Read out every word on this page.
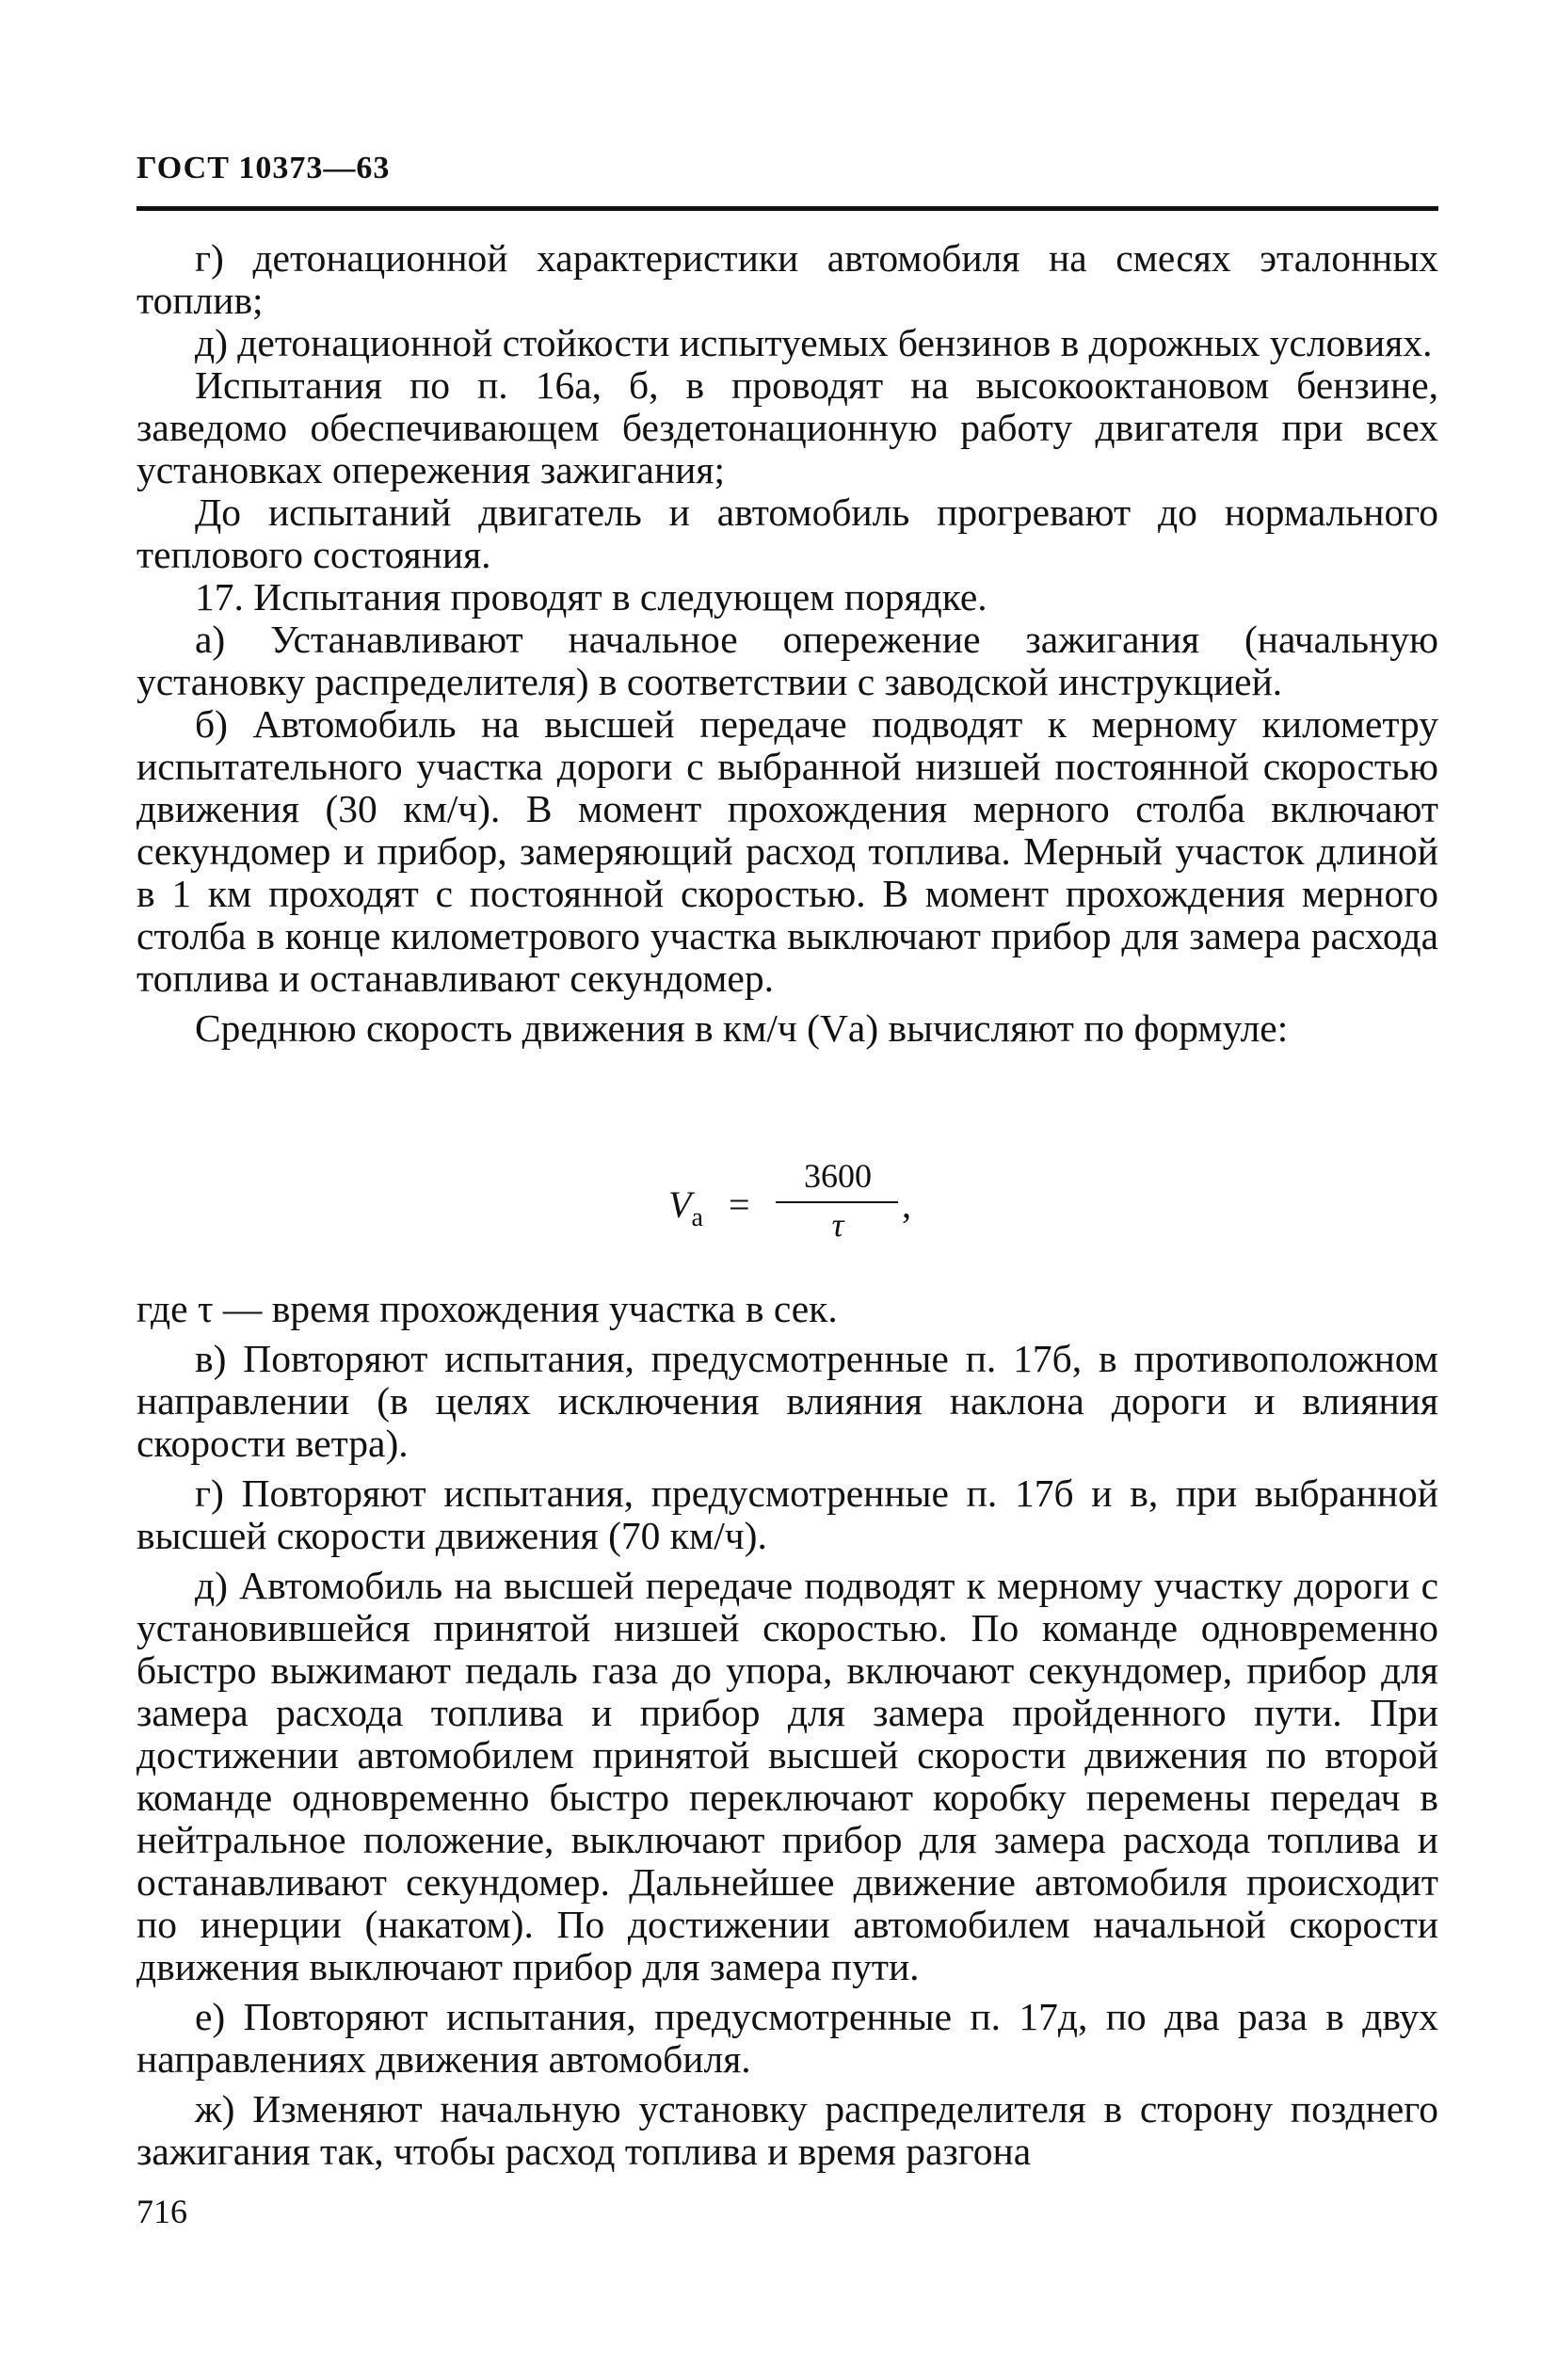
ГОСТ 10373—63

г) детонационной характеристики автомобиля на смесях эталонных топлив;

д) детонационной стойкости испытуемых бензинов в дорожных условиях.

Испытания по п. 16а, б, в проводят на высокооктановом бензине, заведомо обеспечивающем бездетонационную работу двигателя при всех установках опережения зажигания;

До испытаний двигатель и автомобиль прогревают до нормального теплового состояния.

17. Испытания проводят в следующем порядке.

а) Устанавливают начальное опережение зажигания (начальную установку распределителя) в соответствии с заводской инструкцией.

б) Автомобиль на высшей передаче подводят к мерному километру испытательного участка дороги с выбранной низшей постоянной скоростью движения (30 км/ч). В момент прохождения мерного столба включают секундомер и прибор, замеряющий расход топлива. Мерный участок длиной в 1 км проходят с постоянной скоростью. В момент прохождения мерного столба в конце километрового участка выключают прибор для замера расхода топлива и останавливают секундомер.

Среднюю скорость движения в км/ч (Vа) вычисляют по формуле:

$V_а$ =
3600
τ	,

где τ — время прохождения участка в сек.

в) Повторяют испытания, предусмотренные п. 17б, в противоположном направлении (в целях исключения влияния наклона дороги и влияния скорости ветра).

г) Повторяют испытания, предусмотренные п. 17б и в, при выбранной высшей скорости движения (70 км/ч).

д) Автомобиль на высшей передаче подводят к мерному участку дороги с установившейся принятой низшей скоростью. По команде одновременно быстро выжимают педаль газа до упора, включают секундомер, прибор для замера расхода топлива и прибор для замера пройденного пути. При достижении автомобилем принятой высшей скорости движения по второй команде одновременно быстро переключают коробку перемены передач в нейтральное положение, выключают прибор для замера расхода топлива и останавливают секундомер. Дальнейшее движение автомобиля происходит по инерции (накатом). По достижении автомобилем начальной скорости движения выключают прибор для замера пути.

е) Повторяют испытания, предусмотренные п. 17д, по два раза в двух направлениях движения автомобиля.

ж) Изменяют начальную установку распределителя в сторону позднего зажигания так, чтобы расход топлива и время разгона

716
